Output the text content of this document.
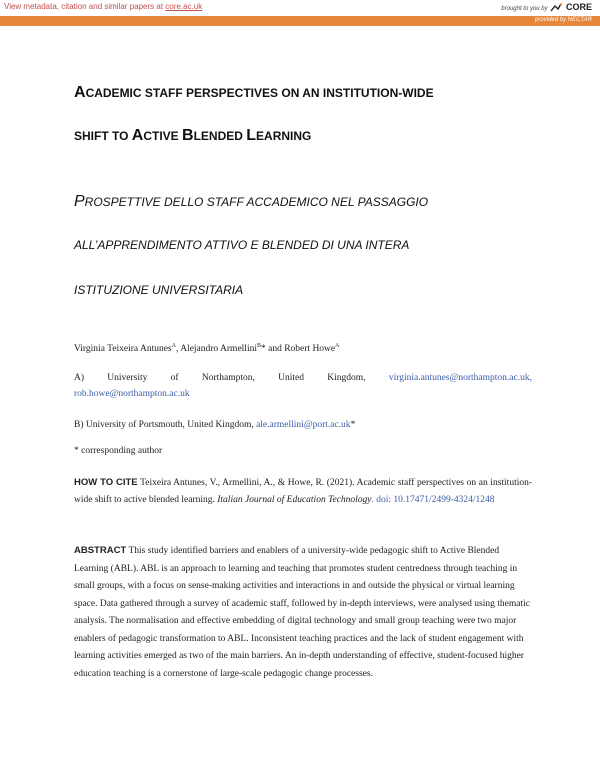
View metadata, citation and similar papers at core.ac.uk	brought to you by CORE
provided by NECTAR
ACADEMIC STAFF PERSPECTIVES ON AN INSTITUTION-WIDE
SHIFT TO ACTIVE BLENDED LEARNING
PROSPETTIVE DELLO STAFF ACCADEMICO NEL PASSAGGIO
ALL’APPRENDIMENTO ATTIVO E BLENDED DI UNA INTERA
ISTITUZIONE UNIVERSITARIA
Virginia Teixeira Antunes$^A$, Alejandro Armellini$^B$* and Robert Howe$^A$
A) University of Northampton, United Kingdom, virginia.antunes@northampton.ac.uk,
rob.howe@northampton.ac.uk
B) University of Portsmouth, United Kingdom, ale.armellini@port.ac.uk*
* corresponding author
HOW TO CITE Teixeira Antunes, V., Armellini, A., & Howe, R. (2021). Academic staff perspectives on an institution-wide shift to active blended learning. Italian Journal of Education Technology. doi: 10.17471/2499-4324/1248
ABSTRACT This study identified barriers and enablers of a university-wide pedagogic shift to Active Blended Learning (ABL). ABL is an approach to learning and teaching that promotes student centredness through teaching in small groups, with a focus on sense-making activities and interactions in and outside the physical or virtual learning space. Data gathered through a survey of academic staff, followed by in-depth interviews, were analysed using thematic analysis. The normalisation and effective embedding of digital technology and small group teaching were two major enablers of pedagogic transformation to ABL. Inconsistent teaching practices and the lack of student engagement with learning activities emerged as two of the main barriers. An in-depth understanding of effective, student-focused higher education teaching is a cornerstone of large-scale pedagogic change processes.
